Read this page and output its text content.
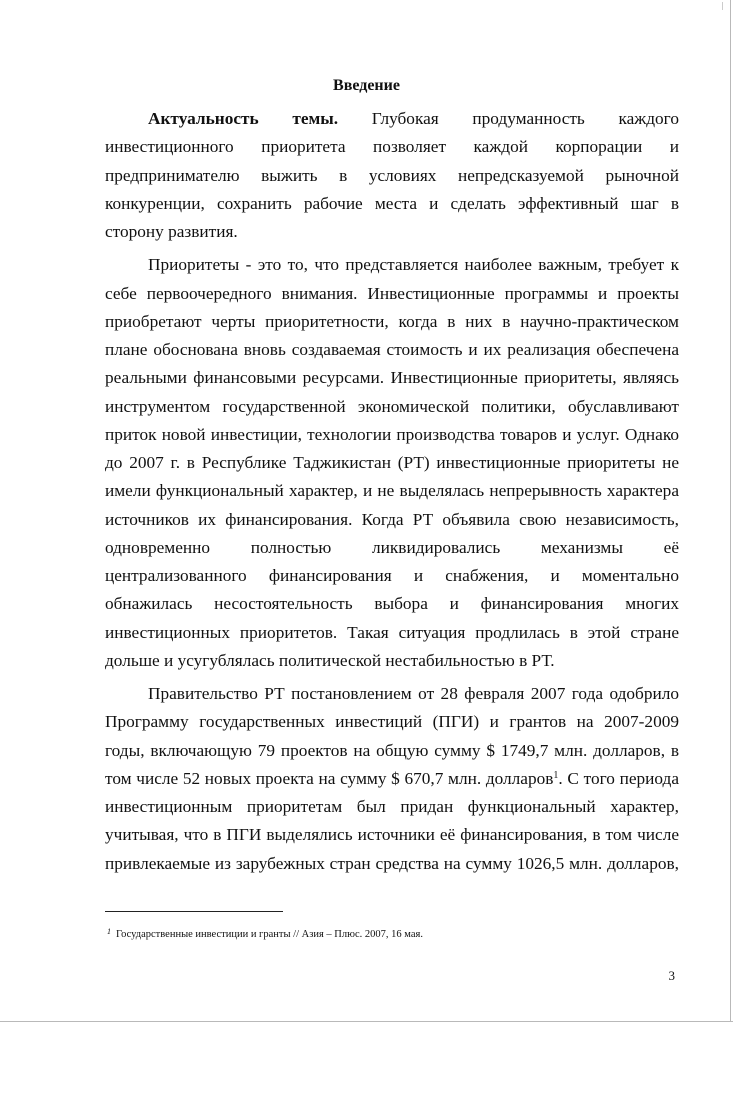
Введение

Актуальность темы. Глубокая продуманность каждого инвестиционного приоритета позволяет каждой корпорации и предпринимателю выжить в условиях непредсказуемой рыночной конкуренции, сохранить рабочие места и сделать эффективный шаг в сторону развития.

Приоритеты - это то, что представляется наиболее важным, требует к себе первоочередного внимания. Инвестиционные программы и проекты приобретают черты приоритетности, когда в них в научно-практическом плане обоснована вновь создаваемая стоимость и их реализация обеспечена реальными финансовыми ресурсами. Инвестиционные приоритеты, являясь инструментом государственной экономической политики, обуславливают приток новой инвестиции, технологии производства товаров и услуг. Однако до 2007 г. в Республике Таджикистан (РТ) инвестиционные приоритеты не имели функциональный характер, и не выделялась непрерывность характера источников их финансирования. Когда РТ объявила свою независимость, одновременно полностью ликвидировались механизмы её централизованного финансирования и снабжения, и моментально обнажилась несостоятельность выбора и финансирования многих инвестиционных приоритетов. Такая ситуация продлилась в этой стране дольше и усугублялась политической нестабильностью в РТ.

Правительство РТ постановлением от 28 февраля 2007 года одобрило Программу государственных инвестиций (ПГИ) и грантов на 2007-2009 годы, включающую 79 проектов на общую сумму $ 1749,7 млн. долларов, в том числе 52 новых проекта на сумму $ 670,7 млн. долларов$^1$. С того периода инвестиционным приоритетам был придан функциональный характер, учитывая, что в ПГИ выделялись источники её финансирования, в том числе привлекаемые из зарубежных стран средства на сумму 1026,5 млн. долларов,

$^1$ Государственные инвестиции и гранты // Азия – Плюс. 2007, 16 мая.
3
